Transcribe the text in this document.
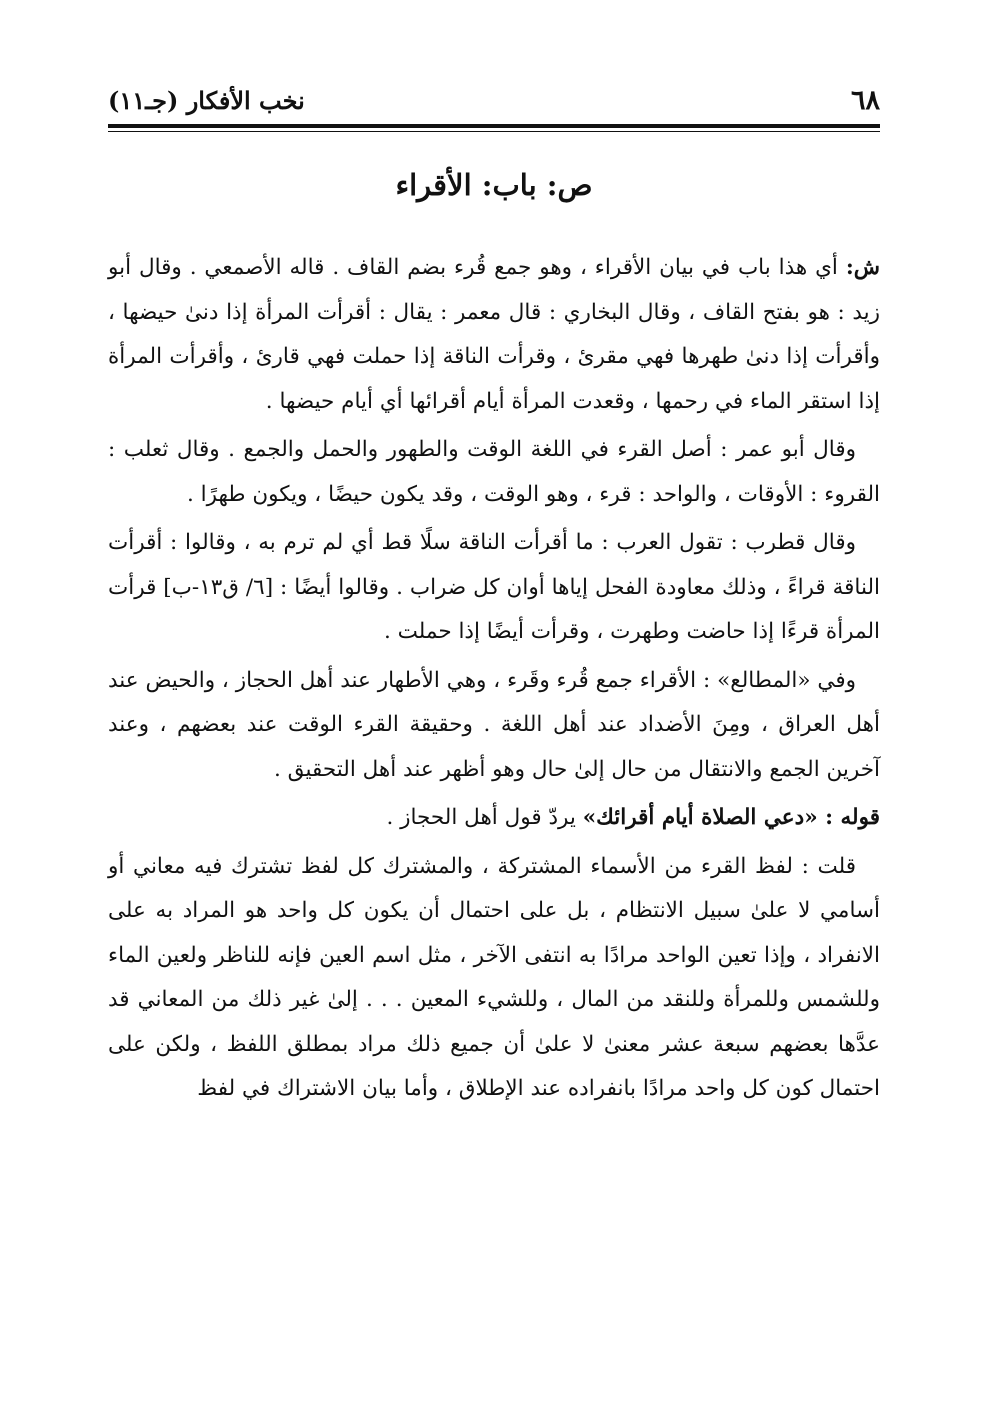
٦٨
نخب الأفكار (جـ١١)
ص: باب: الأقراء

ش: أي هذا باب في بيان الأقراء ، وهو جمع قُرء بضم القاف . قاله الأصمعي . وقال أبو زيد : هو بفتح القاف ، وقال البخاري : قال معمر : يقال : أقرأت المرأة إذا دنىٰ حيضها ، وأقرأت إذا دنىٰ طهرها فهي مقرئ ، وقرأت الناقة إذا حملت فهي قارئ ، وأقرأت المرأة إذا استقر الماء في رحمها ، وقعدت المرأة أيام أقرائها أي أيام حيضها .

وقال أبو عمر : أصل القرء في اللغة الوقت والطهور والحمل والجمع . وقال ثعلب : القروء : الأوقات ، والواحد : قرء ، وهو الوقت ، وقد يكون حيضًا ، ويكون طهرًا .

وقال قطرب : تقول العرب : ما أقرأت الناقة سلًا قط أي لم ترم به ، وقالوا : أقرأت الناقة قراءً ، وذلك معاودة الفحل إياها أوان كل ضراب . وقالوا أيضًا : [٦/ ق١٣-ب] قرأت المرأة قرءًا إذا حاضت وطهرت ، وقرأت أيضًا إذا حملت .

وفي «المطالع» : الأقراء جمع قُرء وقَرء ، وهي الأطهار عند أهل الحجاز ، والحيض عند أهل العراق ، ومِنَ الأضداد عند أهل اللغة . وحقيقة القرء الوقت عند بعضهم ، وعند آخرين الجمع والانتقال من حال إلىٰ حال وهو أظهر عند أهل التحقيق .

قوله : «دعي الصلاة أيام أقرائك» يردّ قول أهل الحجاز .

قلت : لفظ القرء من الأسماء المشتركة ، والمشترك كل لفظ تشترك فيه معاني أو أسامي لا علىٰ سبيل الانتظام ، بل على احتمال أن يكون كل واحد هو المراد به على الانفراد ، وإذا تعين الواحد مرادًا به انتفى الآخر ، مثل اسم العين فإنه للناظر ولعين الماء وللشمس وللمرأة وللنقد من المال ، وللشيء المعين . . . إلىٰ غير ذلك من المعاني قد عدَّها بعضهم سبعة عشر معنىٰ لا علىٰ أن جميع ذلك مراد بمطلق اللفظ ، ولكن على احتمال كون كل واحد مرادًا بانفراده عند الإطلاق ، وأما بيان الاشتراك في لفظ
